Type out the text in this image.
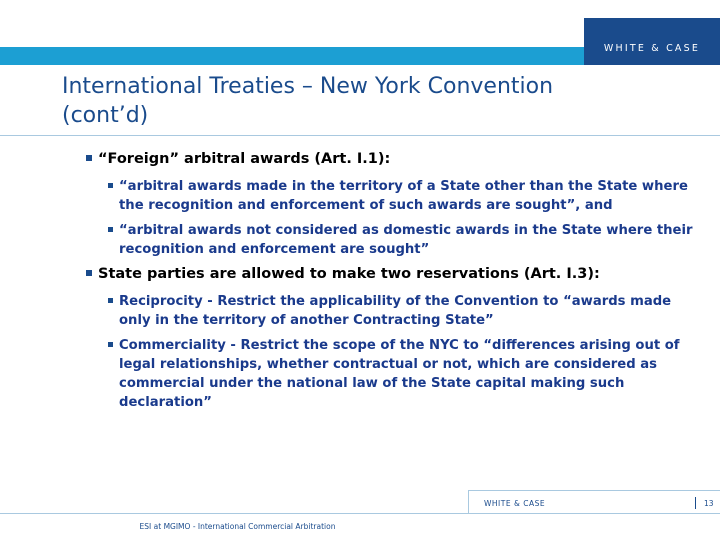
WHITE & CASE
International Treaties – New York Convention
(cont’d)
“Foreign” arbitral awards (Art. I.1):
“arbitral awards made in the territory of a State other than the State where the recognition and enforcement of such awards are sought”, and
“arbitral awards not considered as domestic awards in the State where their recognition and enforcement are sought”
State parties are allowed to make two reservations (Art. I.3):
Reciprocity - Restrict the applicability of the Convention to “awards made only in the territory of another Contracting State”
Commerciality - Restrict the scope of the NYC to “differences arising out of legal relationships, whether contractual or not, which are considered as commercial under the national law of the State capital making such declaration”
WHITE & CASE	13
ESI at MGIMO - International Commercial Arbitration
